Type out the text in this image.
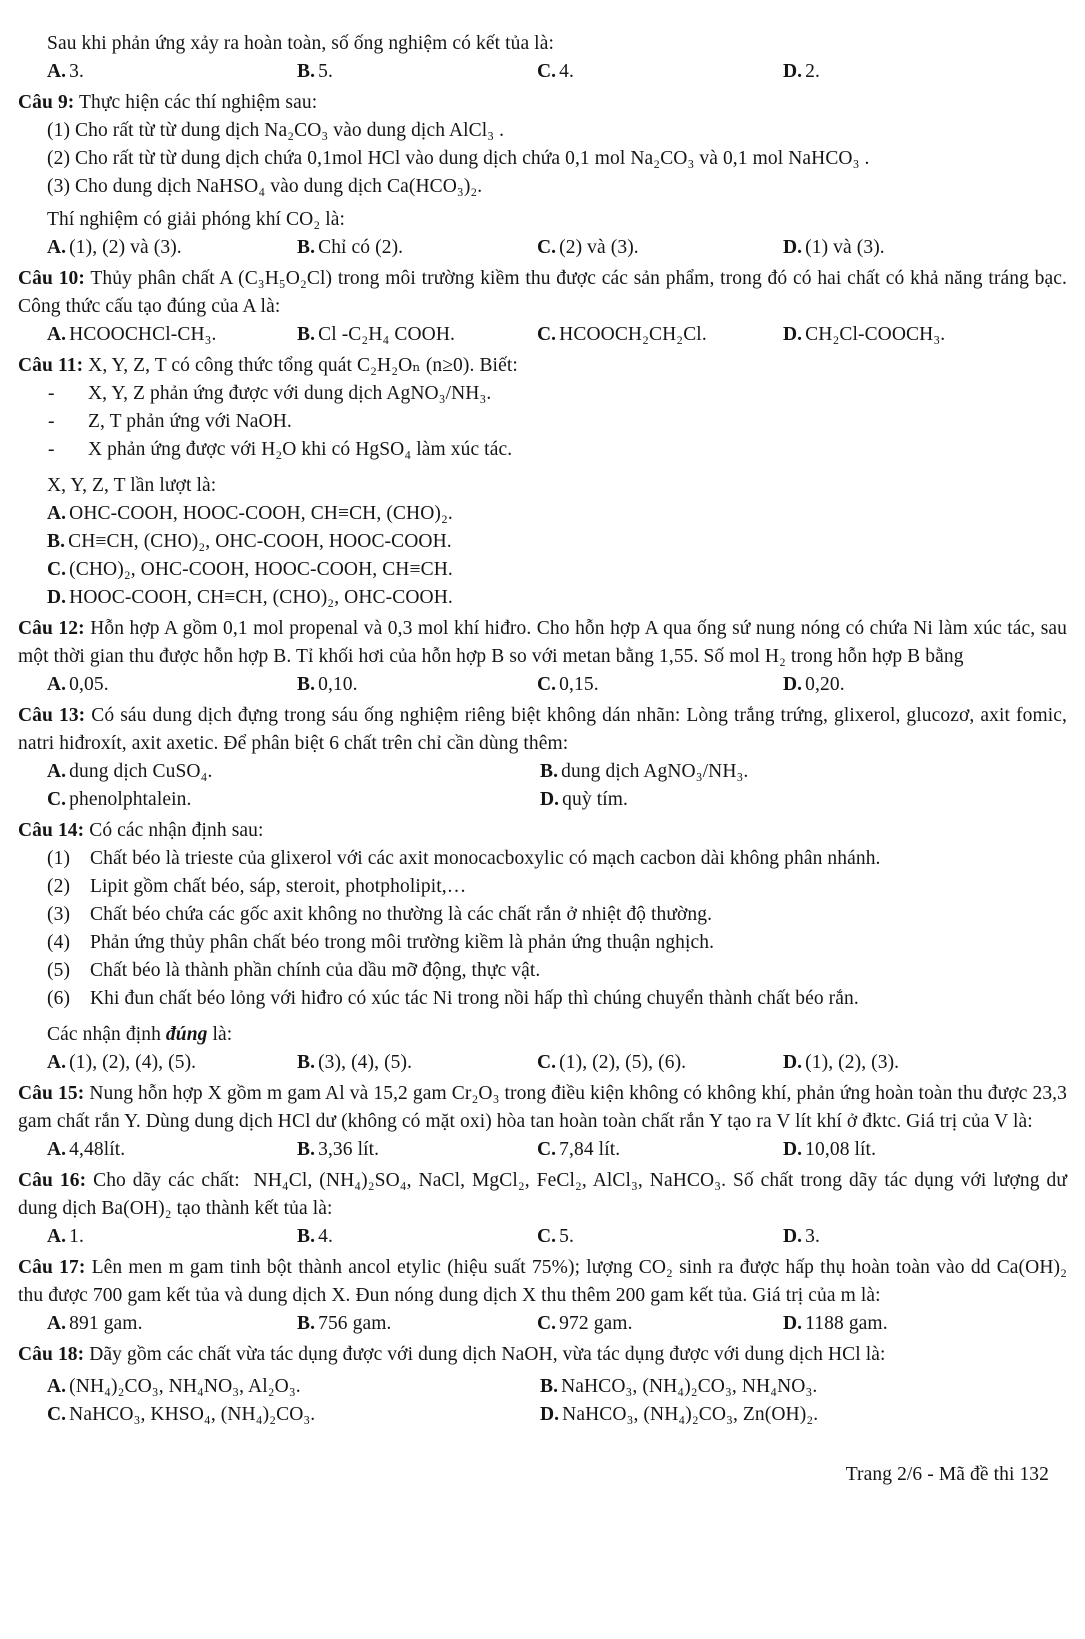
Sau khi phản ứng xảy ra hoàn toàn, số ống nghiệm có kết tủa là:

A. 3.	B. 5.	C. 4.	D. 2.

Câu 9: Thực hiện các thí nghiệm sau:

(1) Cho rất từ từ dung dịch Na₂CO₃ vào dung dịch AlCl₃ .

(2) Cho rất từ từ dung dịch chứa 0,1mol HCl vào dung dịch chứa 0,1 mol Na₂CO₃ và 0,1 mol NaHCO₃ .

(3) Cho dung dịch NaHSO₄ vào dung dịch Ca(HCO₃)₂.

Thí nghiệm có giải phóng khí CO₂ là:

A. (1), (2) và (3).	B. Chỉ có (2).	C. (2) và (3).	D. (1) và (3).

Câu 10: Thủy phân chất A (C₃H₅O₂Cl) trong môi trường kiềm thu được các sản phẩm, trong đó có hai chất có khả năng tráng bạc. Công thức cấu tạo đúng của A là:

A. HCOOCHCl-CH₃.	B. Cl -C₂H₄ COOH.	C. HCOOCH₂CH₂Cl.	D. CH₂Cl-COOCH₃.

Câu 11: X, Y, Z, T có công thức tổng quát C₂H₂Oₙ (n≥0). Biết:

-	X, Y, Z phản ứng được với dung dịch AgNO₃/NH₃.
-	Z, T phản ứng với NaOH.
-	X phản ứng được với H₂O khi có HgSO₄ làm xúc tác.

X, Y, Z, T lần lượt là:

A. OHC-COOH, HOOC-COOH, CH≡CH, (CHO)₂.
B. CH≡CH, (CHO)₂, OHC-COOH, HOOC-COOH.
C. (CHO)₂, OHC-COOH, HOOC-COOH, CH≡CH.
D. HOOC-COOH, CH≡CH, (CHO)₂, OHC-COOH.

Câu 12: Hỗn hợp A gồm 0,1 mol propenal và 0,3 mol khí hiđro. Cho hỗn hợp A qua ống sứ nung nóng có chứa Ni làm xúc tác, sau một thời gian thu được hỗn hợp B. Tỉ khối hơi của hỗn hợp B so với metan bằng 1,55. Số mol H₂ trong hỗn hợp B bằng

A. 0,05.	B. 0,10.	C. 0,15.	D. 0,20.

Câu 13: Có sáu dung dịch đựng trong sáu ống nghiệm riêng biệt không dán nhãn: Lòng trắng trứng, glixerol, glucozơ, axit fomic, natri hiđroxít, axit axetic. Để phân biệt 6 chất trên chỉ cần dùng thêm:

A. dung dịch CuSO₄.	B. dung dịch AgNO₃/NH₃.
C. phenolphtalein.	D. quỳ tím.

Câu 14: Có các nhận định sau:

(1)	Chất béo là trieste của glixerol với các axit monocacboxylic có mạch cacbon dài không phân nhánh.
(2)	Lipit gồm chất béo, sáp, steroit, photpholipit,…
(3)	Chất béo chứa các gốc axit không no thường là các chất rắn ở nhiệt độ thường.
(4)	Phản ứng thủy phân chất béo trong môi trường kiềm là phản ứng thuận nghịch.
(5)	Chất béo là thành phần chính của dầu mỡ động, thực vật.
(6)	Khi đun chất béo lỏng với hiđro có xúc tác Ni trong nồi hấp thì chúng chuyển thành chất béo rắn.

Các nhận định đúng là:

A. (1), (2), (4), (5).	B. (3), (4), (5).	C. (1), (2), (5), (6).	D. (1), (2), (3).

Câu 15: Nung hỗn hợp X gồm m gam Al và 15,2 gam Cr₂O₃ trong điều kiện không có không khí, phản ứng hoàn toàn thu được 23,3 gam chất rắn Y. Dùng dung dịch HCl dư (không có mặt oxi) hòa tan hoàn toàn chất rắn Y tạo ra V lít khí ở đktc. Giá trị của V là:

A. 4,48lít.	B. 3,36 lít.	C. 7,84 lít.	D. 10,08 lít.

Câu 16: Cho dãy các chất:  NH₄Cl, (NH₄)₂SO₄, NaCl, MgCl₂, FeCl₂, AlCl₃, NaHCO₃. Số chất trong dãy tác dụng với lượng dư dung dịch Ba(OH)₂ tạo thành kết tủa là:

A. 1.	B. 4.	C. 5.	D. 3.

Câu 17: Lên men m gam tinh bột thành ancol etylic (hiệu suất 75%); lượng CO₂ sinh ra được hấp thụ hoàn toàn vào dd Ca(OH)₂ thu được 700 gam kết tủa và dung dịch X. Đun nóng dung dịch X thu thêm 200 gam kết tủa. Giá trị của m là:

A. 891 gam.	B. 756 gam.	C. 972 gam.	D. 1188 gam.

Câu 18: Dãy gồm các chất vừa tác dụng được với dung dịch NaOH, vừa tác dụng được với dung dịch HCl là:

A. (NH₄)₂CO₃, NH₄NO₃, Al₂O₃.	B. NaHCO₃, (NH₄)₂CO₃, NH₄NO₃.
C. NaHCO₃, KHSO₄, (NH₄)₂CO₃.	D. NaHCO₃, (NH₄)₂CO₃, Zn(OH)₂.

Trang 2/6 - Mã đề thi 132
